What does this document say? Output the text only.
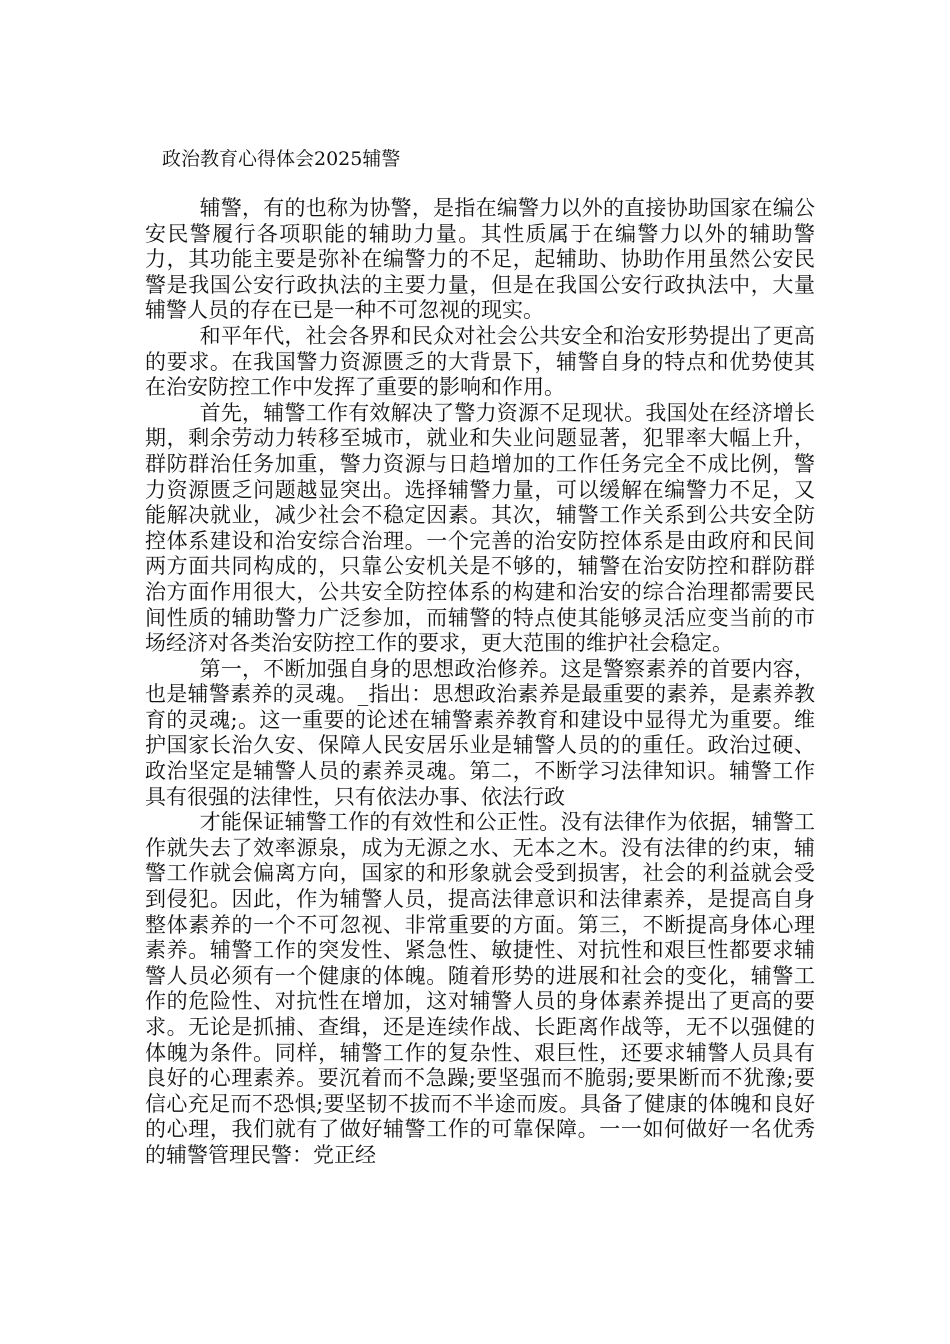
政治教育心得体会2025辅警

辅警，有的也称为协警，是指在编警力以外的直接协助国家在编公安民警履行各项职能的辅助力量。其性质属于在编警力以外的辅助警力，其功能主要是弥补在编警力的不足，起辅助、协助作用虽然公安民警是我国公安行政执法的主要力量，但是在我国公安行政执法中，大量辅警人员的存在已是一种不可忽视的现实。

和平年代，社会各界和民众对社会公共安全和治安形势提出了更高的要求。在我国警力资源匮乏的大背景下，辅警自身的特点和优势使其在治安防控工作中发挥了重要的影响和作用。

首先，辅警工作有效解决了警力资源不足现状。我国处在经济增长期，剩余劳动力转移至城市，就业和失业问题显著，犯罪率大幅上升，群防群治任务加重，警力资源与日趋增加的工作任务完全不成比例，警力资源匮乏问题越显突出。选择辅警力量，可以缓解在编警力不足，又能解决就业，减少社会不稳定因素。其次，辅警工作关系到公共安全防控体系建设和治安综合治理。一个完善的治安防控体系是由政府和民间两方面共同构成的，只靠公安机关是不够的，辅警在治安防控和群防群治方面作用很大，公共安全防控体系的构建和治安的综合治理都需要民间性质的辅助警力广泛参加，而辅警的特点使其能够灵活应变当前的市场经济对各类治安防控工作的要求，更大范围的维护社会稳定。

第一，不断加强自身的思想政治修养。这是警察素养的首要内容，也是辅警素养的灵魂。_指出：思想政治素养是最重要的素养，是素养教育的灵魂;。这一重要的论述在辅警素养教育和建设中显得尤为重要。维护国家长治久安、保障人民安居乐业是辅警人员的的重任。政治过硬、政治坚定是辅警人员的素养灵魂。第二，不断学习法律知识。辅警工作具有很强的法律性，只有依法办事、依法行政

才能保证辅警工作的有效性和公正性。没有法律作为依据，辅警工作就失去了效率源泉，成为无源之水、无本之木。没有法律的约束，辅警工作就会偏离方向，国家的和形象就会受到损害，社会的利益就会受到侵犯。因此，作为辅警人员，提高法律意识和法律素养，是提高自身整体素养的一个不可忽视、非常重要的方面。第三，不断提高身体心理素养。辅警工作的突发性、紧急性、敏捷性、对抗性和艰巨性都要求辅警人员必须有一个健康的体魄。随着形势的进展和社会的变化，辅警工作的危险性、对抗性在增加，这对辅警人员的身体素养提出了更高的要求。无论是抓捕、查缉，还是连续作战、长距离作战等，无不以强健的体魄为条件。同样，辅警工作的复杂性、艰巨性，还要求辅警人员具有良好的心理素养。要沉着而不急躁;要坚强而不脆弱;要果断而不犹豫;要信心充足而不恐惧;要坚韧不拔而不半途而废。具备了健康的体魄和良好的心理，我们就有了做好辅警工作的可靠保障。一一如何做好一名优秀的辅警管理民警：党正经
